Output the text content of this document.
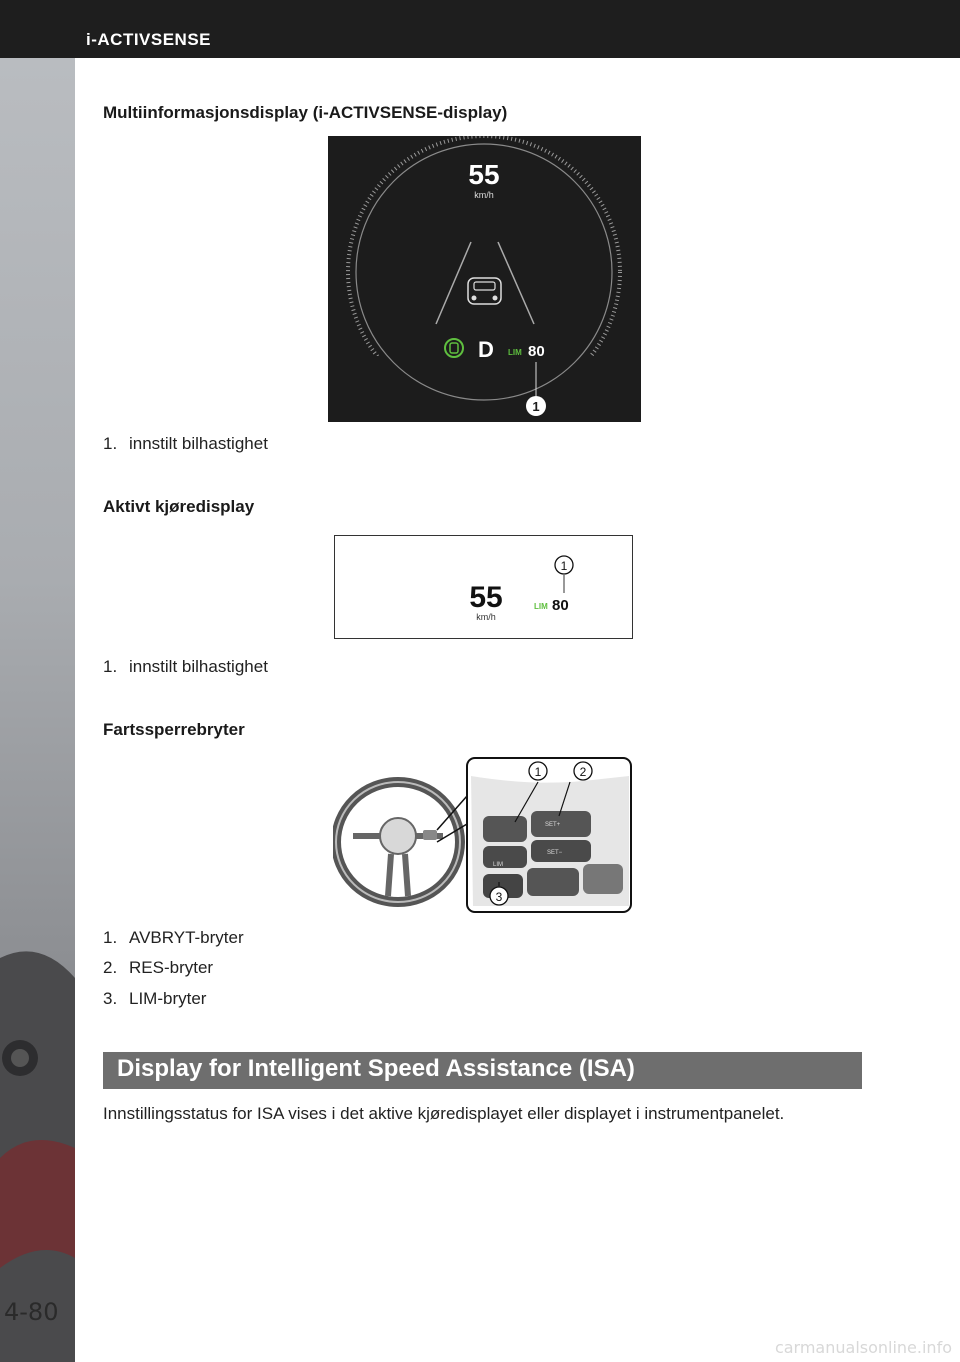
i-ACTIVSENSE
4-80
Multiinformasjonsdisplay (i-ACTIVSENSE-display)
55
km/h
D LIM 80
1
1. innstilt bilhastighet
Aktivt kjøredisplay
55
km/h
LIM 80
1
1. innstilt bilhastighet
Fartssperrebryter
SET+
SET−
LIM
1	2
3
1. AVBRYT-bryter
2. RES-bryter
3. LIM-bryter
Display for Intelligent Speed Assistance (ISA)
Innstillingsstatus for ISA vises i det aktive kjøredisplayet eller displayet i instrumentpanelet.
carmanualsonline.info
